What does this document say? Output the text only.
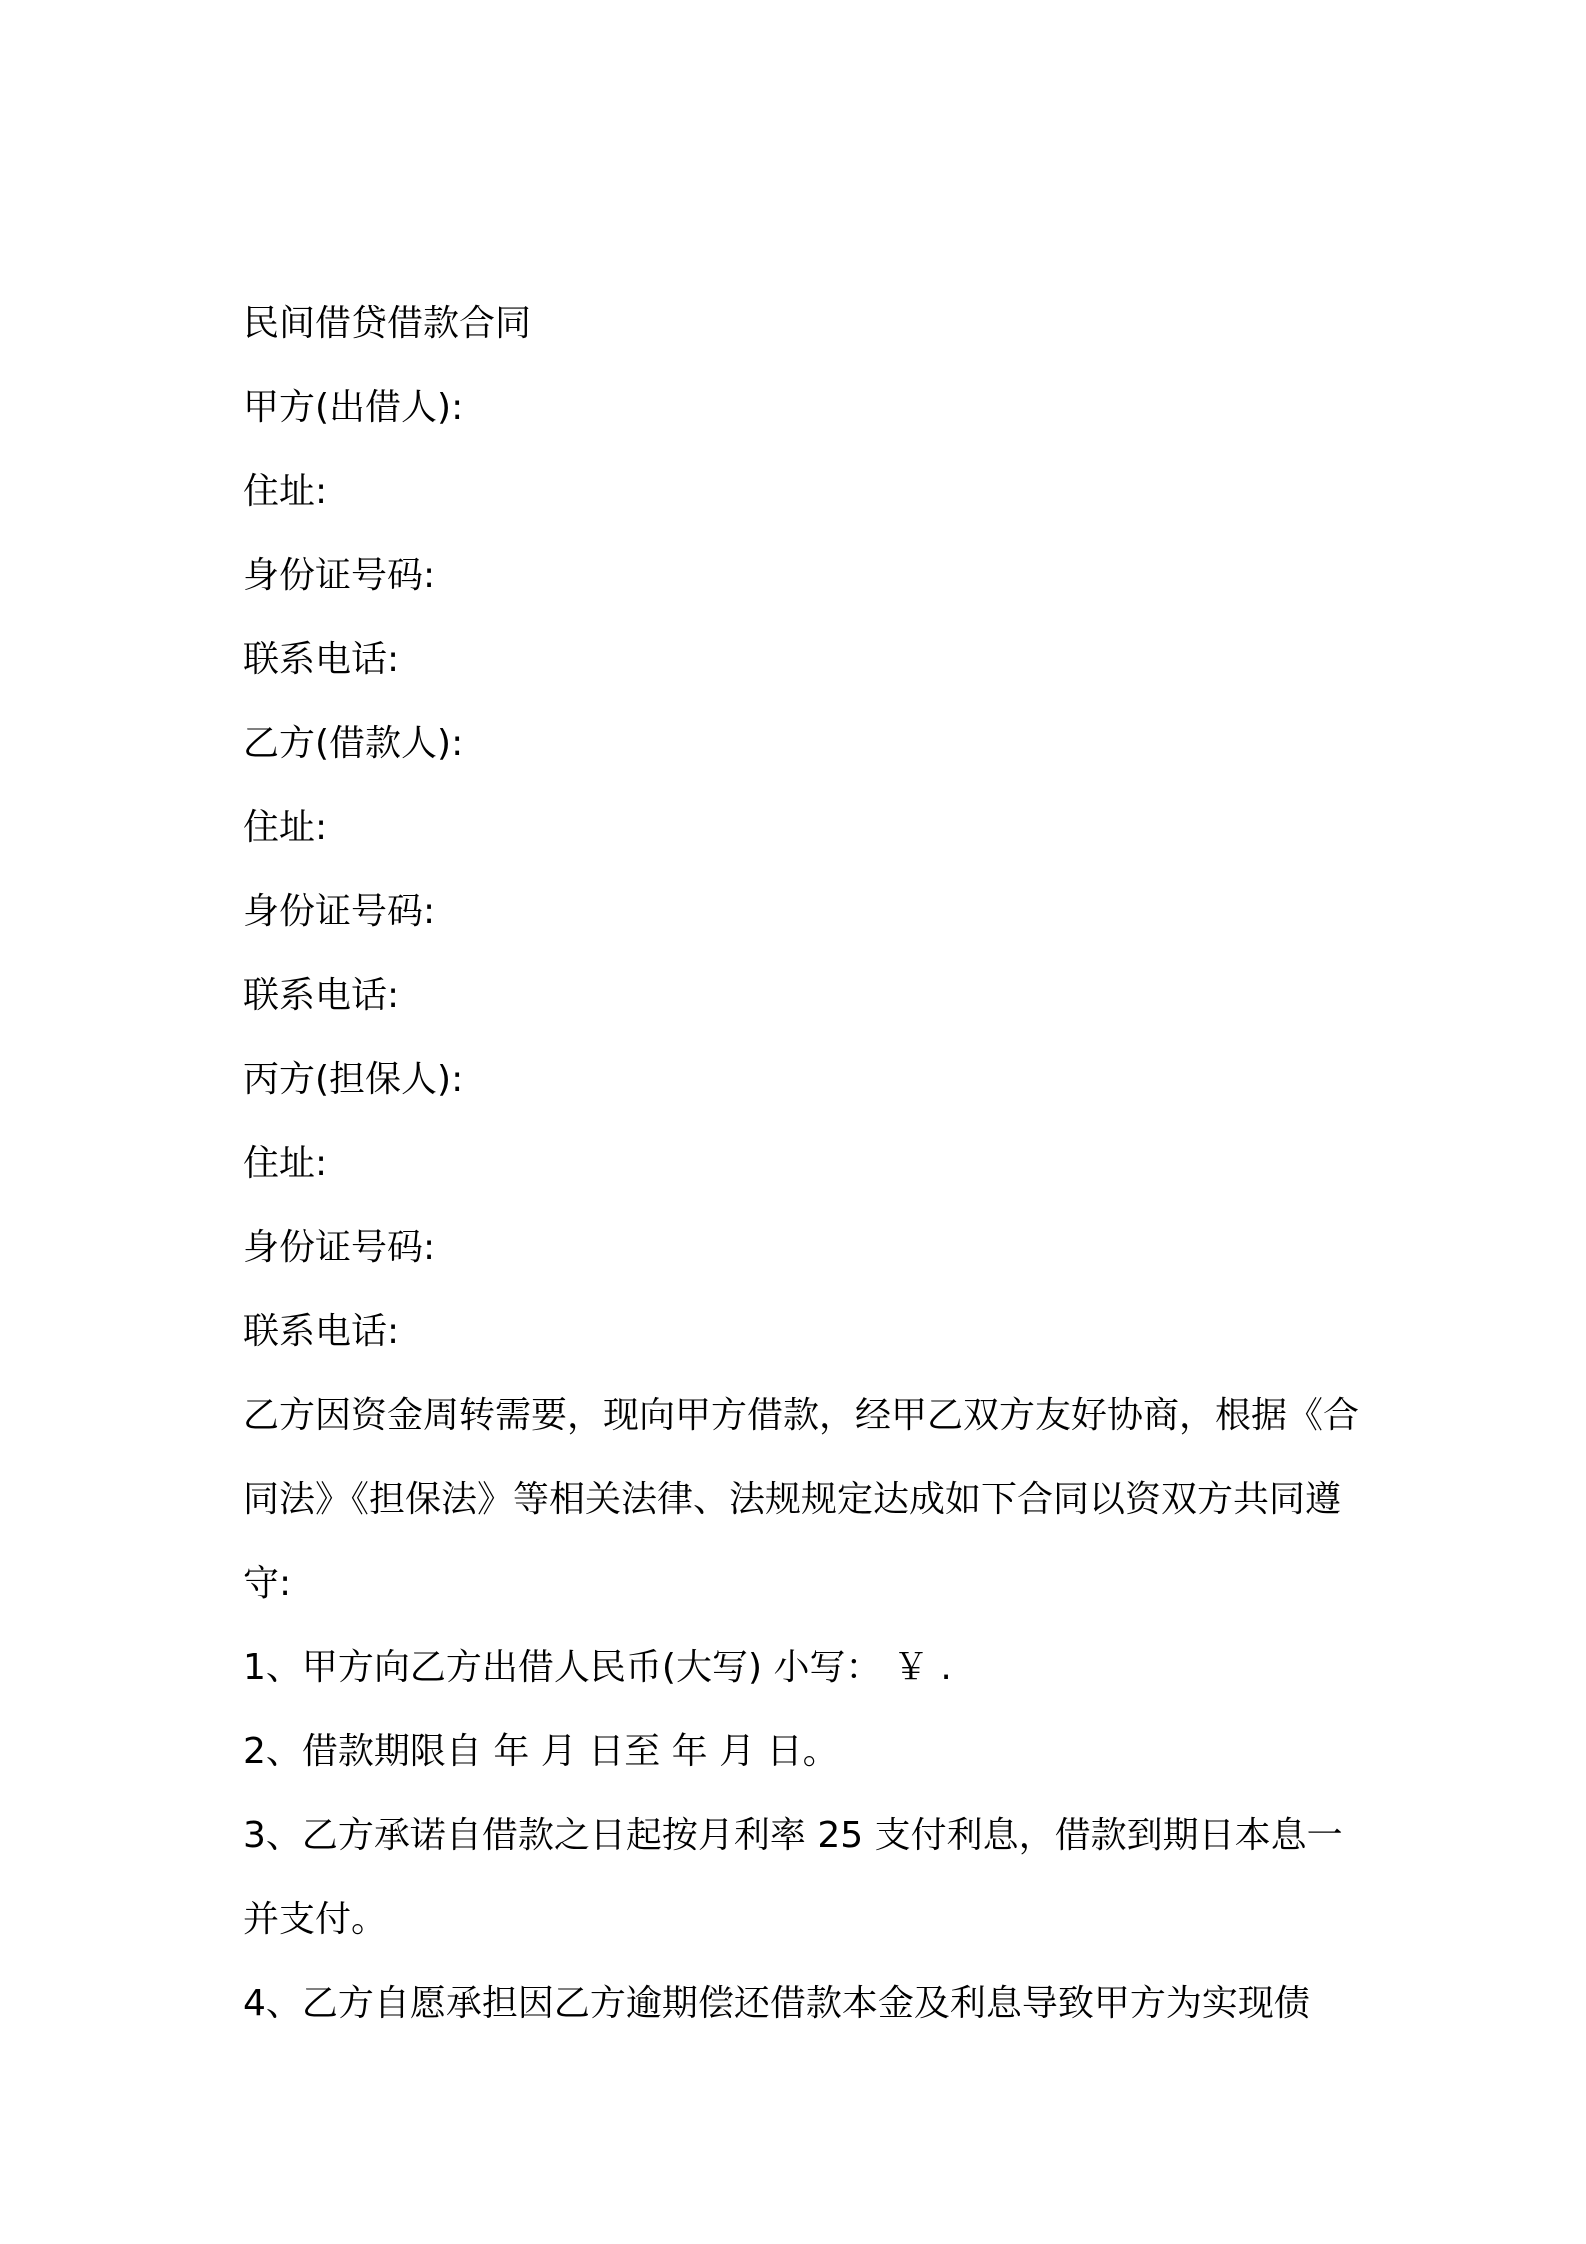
民间借贷借款合同
甲方(出借人):
住址:
身份证号码:
联系电话:
乙方(借款人):
住址:
身份证号码:
联系电话:
丙方(担保人):
住址:
身份证号码:
联系电话:
乙方因资金周转需要，现向甲方借款，经甲乙双方友好协商，根据《合同法》《担保法》等相关法律、法规规定达成如下合同以资双方共同遵守:
1、甲方向乙方出借人民币(大写) 小写： ￥ .
2、借款期限自 年 月 日至 年 月 日。
3、乙方承诺自借款之日起按月利率 25 支付利息，借款到期日本息一并支付。
4、乙方自愿承担因乙方逾期偿还借款本金及利息导致甲方为实现债
